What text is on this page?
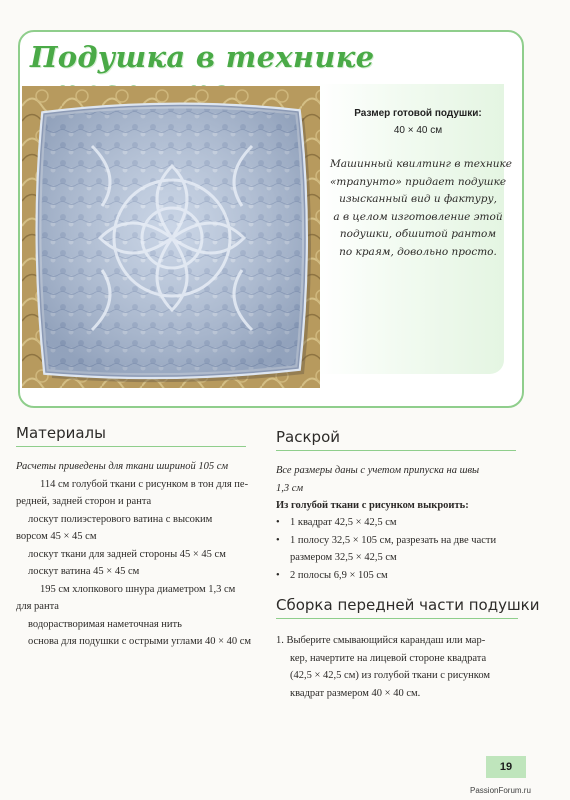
Подушка в технике
Размер готовой подушки:
40 × 40 см
Машинный квилтинг в технике
«трапунто» придает подушке
изысканный вид и фактуру,
а в целом изготовление этой
подушки, обшитой рантом
по краям, довольно просто.
Материалы
Расчеты приведены для ткани шириной 105 см
114 см голубой ткани с рисунком в тон для пе-
редней, задней сторон и ранта
лоскут полиэстерового ватина с высоким
ворсом 45 × 45 см
лоскут ткани для задней стороны 45 × 45 см
лоскут ватина 45 × 45 см
195 см хлопкового шнура диаметром 1,3 см
для ранта
водорастворимая наметочная нить
основа для подушки с острыми углами 40 × 40 см
Раскрой
Все размеры даны с учетом припуска на швы
1,3 см
Из голубой ткани с рисунком выкроить:
• 1 квадрат 42,5 × 42,5 см
• 1 полосу 32,5 × 105 см, разрезать на две части
размером 32,5 × 42,5 см
• 2 полосы 6,9 × 105 см
Сборка передней части подушки
1. Выберите смывающийся карандаш или мар-
кер, начертите на лицевой стороне квадрата
(42,5 × 42,5 см) из голубой ткани с рисунком
квадрат размером 40 × 40 см.
19
PassionForum.ru
